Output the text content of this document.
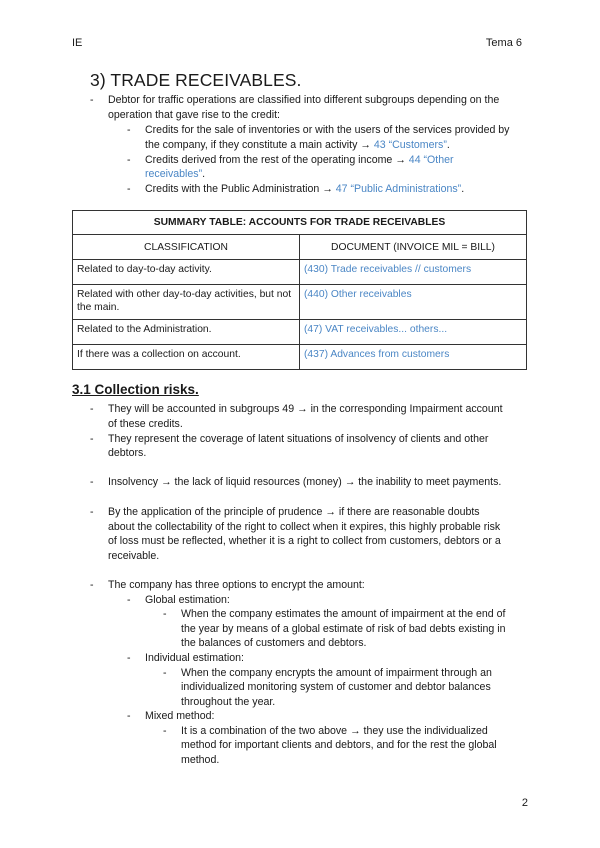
IE	Tema 6
3) TRADE RECEIVABLES.
- Debtor for traffic operations are classified into different subgroups depending on the
operation that gave rise to the credit:
- Credits for the sale of inventories or with the users of the services provided by
the company, if they constitute a main activity → 43 “Customers”.
- Credits derived from the rest of the operating income → 44 “Other
receivables”.
- Credits with the Public Administration → 47 “Public Administrations”.
SUMMARY TABLE: ACCOUNTS FOR TRADE RECEIVABLES	
CLASSIFICATION	DOCUMENT (INVOICE MIL = BILL)
Related to day-to-day activity.	(430) Trade receivables // customers
Related with other day-to-day activities, but not the main.	(440) Other receivables
Related to the Administration.	(47) VAT receivables... others...
If there was a collection on account.	(437) Advances from customers
3.1 Collection risks.
- They will be accounted in subgroups 49 → in the corresponding Impairment account
of these credits.
- They represent the coverage of latent situations of insolvency of clients and other
debtors.
- Insolvency → the lack of liquid resources (money) → the inability to meet payments.
- By the application of the principle of prudence → if there are reasonable doubts
about the collectability of the right to collect when it expires, this highly probable risk
of loss must be reflected, whether it is a right to collect from customers, debtors or a
receivable.
- The company has three options to encrypt the amount:
- Global estimation:
- When the company estimates the amount of impairment at the end of
the year by means of a global estimate of risk of bad debts existing in
the balances of customers and debtors.
- Individual estimation:
- When the company encrypts the amount of impairment through an
individualized monitoring system of customer and debtor balances
throughout the year.
- Mixed method:
- It is a combination of the two above → they use the individualized
method for important clients and debtors, and for the rest the global
method.
2
